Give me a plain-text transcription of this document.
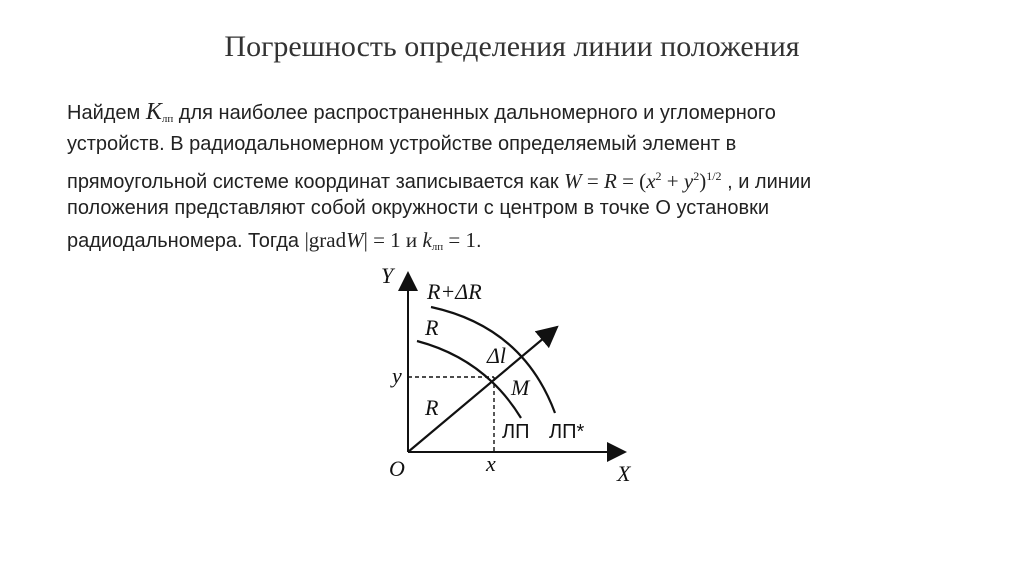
Погрешность определения линии положения
Найдем $K_{лп}$ для наиболее распространенных дальномерного и угломерного
устройств. В радиодальномерном устройстве определяемый элемент в
прямоугольной системе координат записывается как $W = R = (x^2 + y^2)^{1/2}$ , и линии
положения представляют собой окружности с центром в точке О установки
радиодальномера. Тогда |gradW| = 1 и $k_{лп} = 1$.
Y
X
O
R+ΔR
R
R
Δl
M
y
x
ЛП ЛП*
